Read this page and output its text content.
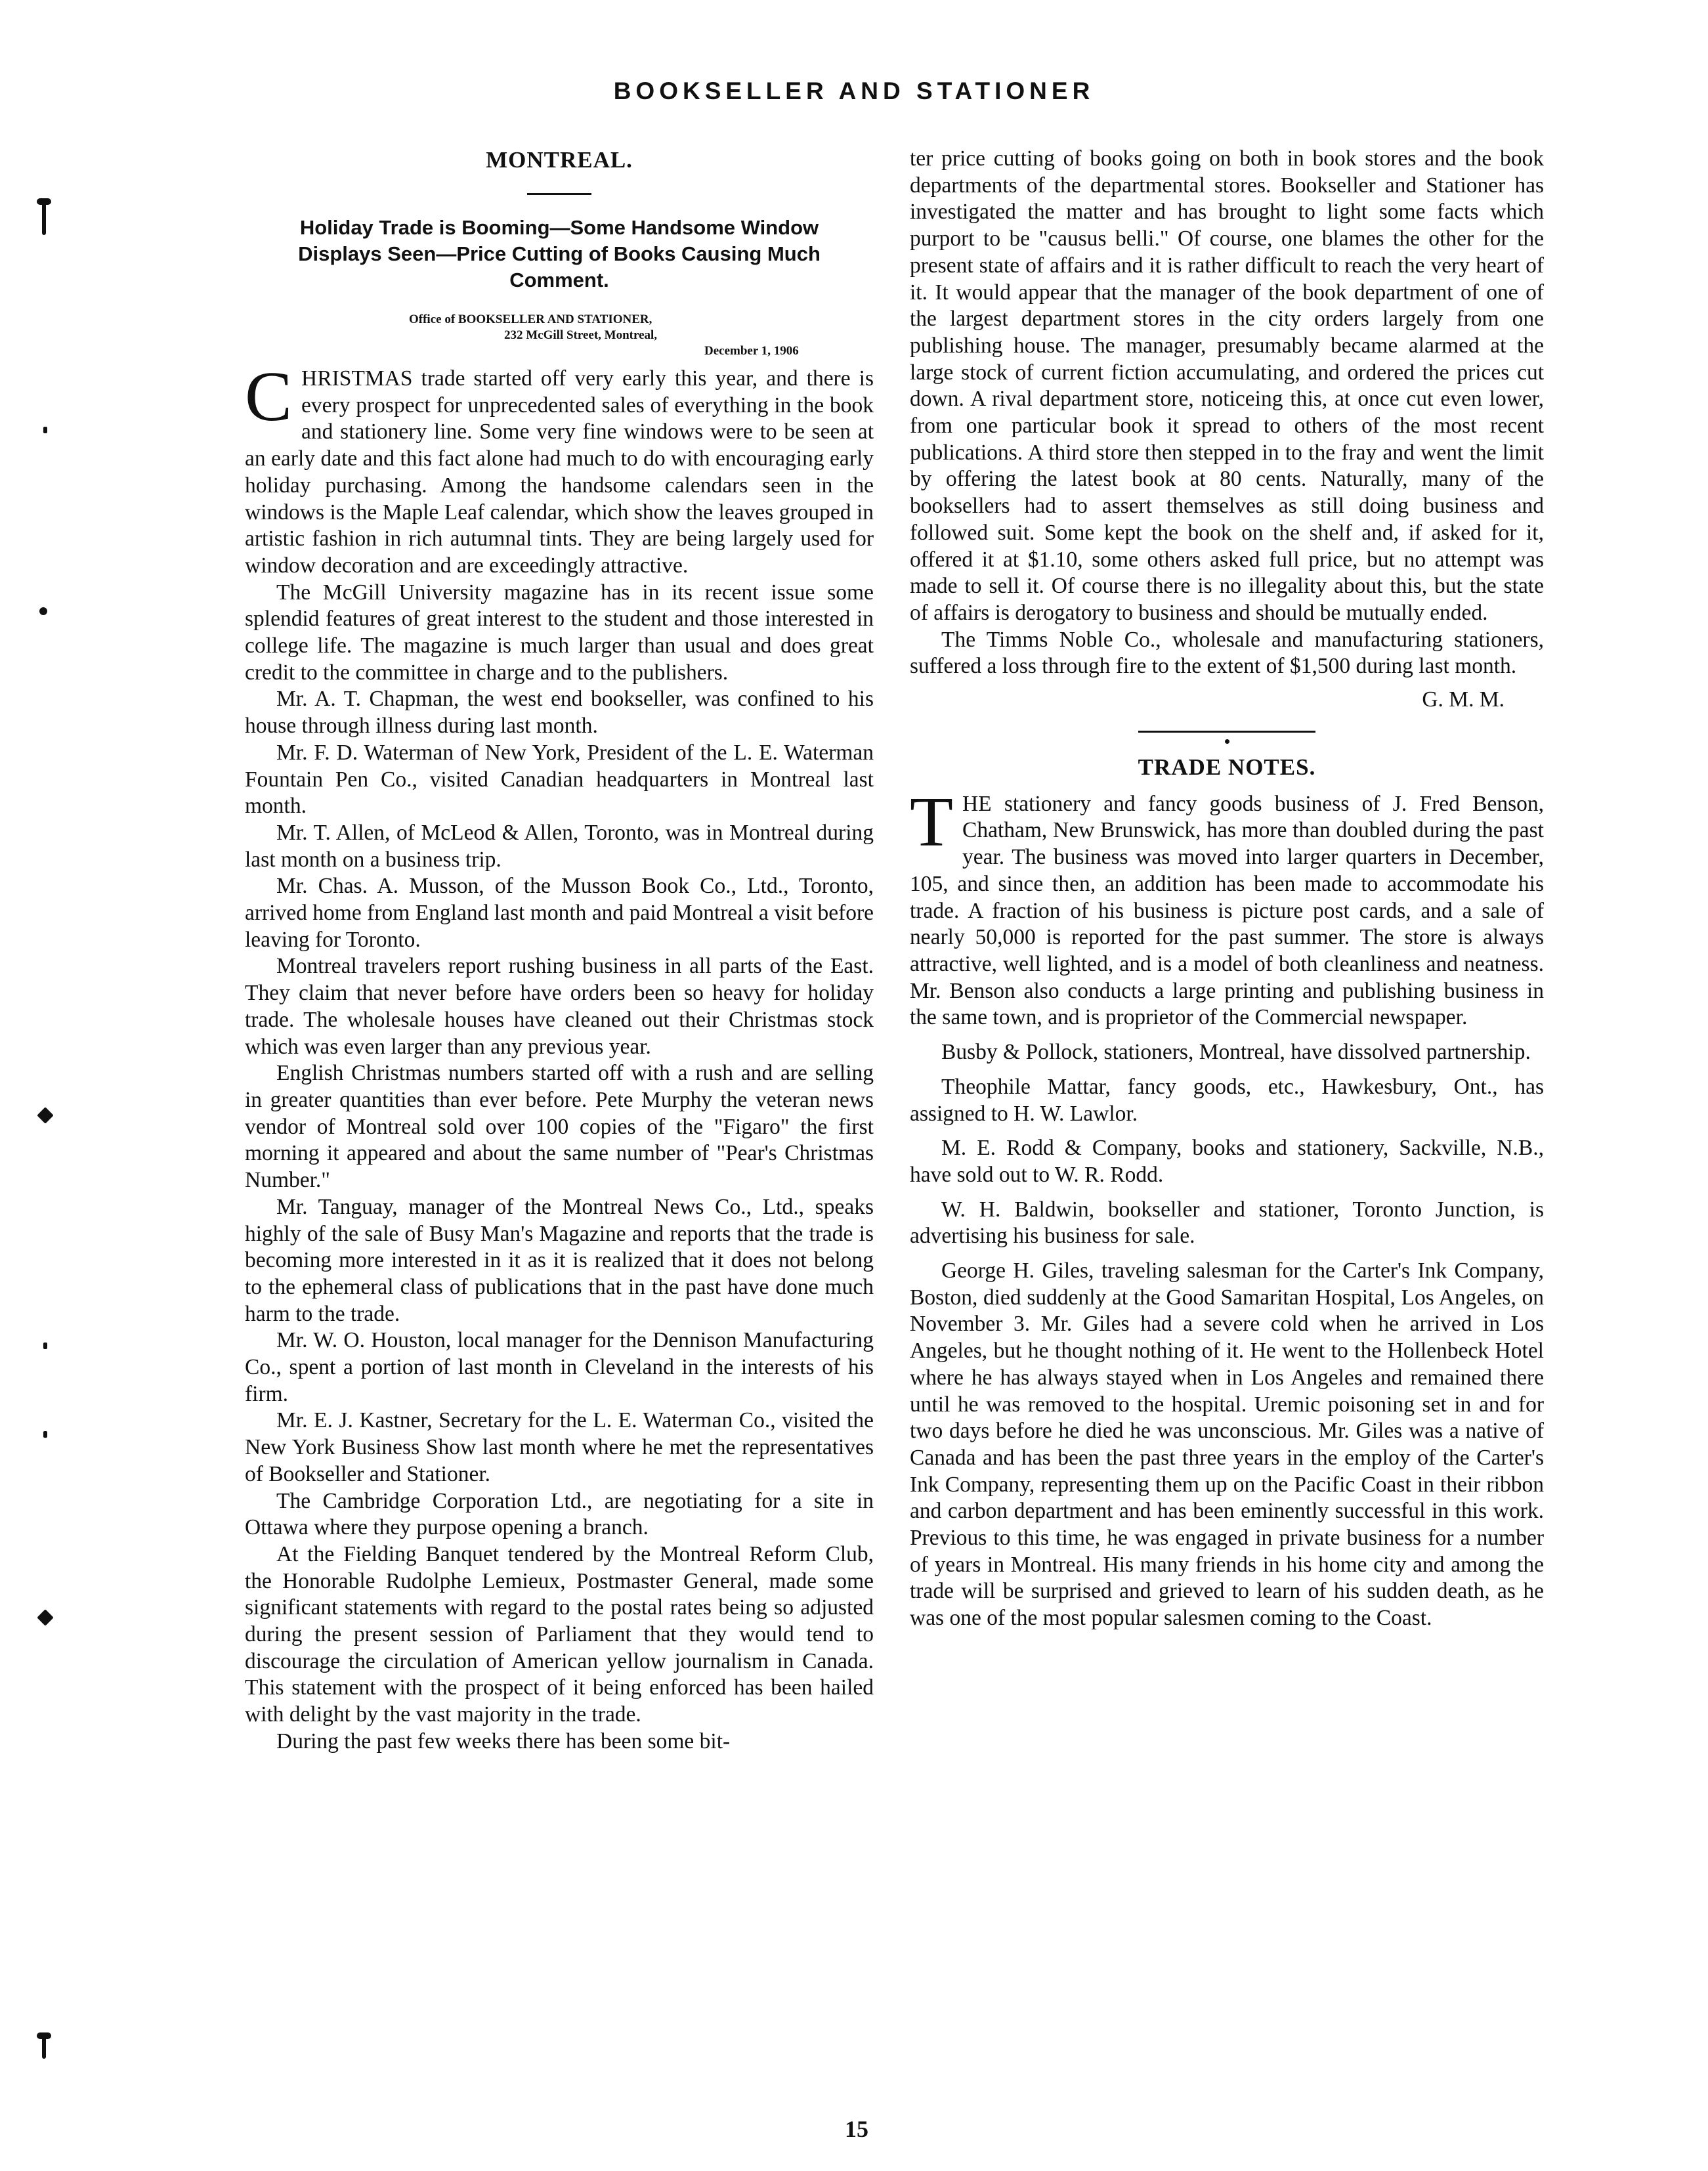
BOOKSELLER AND STATIONER
MONTREAL.
Holiday Trade is Booming—Some Handsome Window Displays Seen—Price Cutting of Books Causing Much Comment.
Office of BOOKSELLER AND STATIONER,
232 McGill Street, Montreal,
December 1, 1906

CHRISTMAS trade started off very early this year, and there is every prospect for unprecedented sales of everything in the book and stationery line. Some very fine windows were to be seen at an early date and this fact alone had much to do with encouraging early holiday purchasing. Among the handsome calendars seen in the windows is the Maple Leaf calendar, which show the leaves grouped in artistic fashion in rich autumnal tints. They are being largely used for window decoration and are exceedingly attractive.

The McGill University magazine has in its recent issue some splendid features of great interest to the student and those interested in college life. The magazine is much larger than usual and does great credit to the committee in charge and to the publishers.

Mr. A. T. Chapman, the west end bookseller, was confined to his house through illness during last month.

Mr. F. D. Waterman of New York, President of the L. E. Waterman Fountain Pen Co., visited Canadian headquarters in Montreal last month.

Mr. T. Allen, of McLeod & Allen, Toronto, was in Montreal during last month on a business trip.

Mr. Chas. A. Musson, of the Musson Book Co., Ltd., Toronto, arrived home from England last month and paid Montreal a visit before leaving for Toronto.

Montreal travelers report rushing business in all parts of the East. They claim that never before have orders been so heavy for holiday trade. The wholesale houses have cleaned out their Christmas stock which was even larger than any previous year.

English Christmas numbers started off with a rush and are selling in greater quantities than ever before. Pete Murphy the veteran news vendor of Montreal sold over 100 copies of the "Figaro" the first morning it appeared and about the same number of "Pear's Christmas Number."

Mr. Tanguay, manager of the Montreal News Co., Ltd., speaks highly of the sale of Busy Man's Magazine and reports that the trade is becoming more interested in it as it is realized that it does not belong to the ephemeral class of publications that in the past have done much harm to the trade.

Mr. W. O. Houston, local manager for the Dennison Manufacturing Co., spent a portion of last month in Cleveland in the interests of his firm.

Mr. E. J. Kastner, Secretary for the L. E. Waterman Co., visited the New York Business Show last month where he met the representatives of Bookseller and Stationer.

The Cambridge Corporation Ltd., are negotiating for a site in Ottawa where they purpose opening a branch.

At the Fielding Banquet tendered by the Montreal Reform Club, the Honorable Rudolphe Lemieux, Postmaster General, made some significant statements with regard to the postal rates being so adjusted during the present session of Parliament that they would tend to discourage the circulation of American yellow journalism in Canada. This statement with the prospect of it being enforced has been hailed with delight by the vast majority in the trade.

During the past few weeks there has been some bit-

ter price cutting of books going on both in book stores and the book departments of the departmental stores. Bookseller and Stationer has investigated the matter and has brought to light some facts which purport to be "causus belli." Of course, one blames the other for the present state of affairs and it is rather difficult to reach the very heart of it. It would appear that the manager of the book department of one of the largest department stores in the city orders largely from one publishing house. The manager, presumably became alarmed at the large stock of current fiction accumulating, and ordered the prices cut down. A rival department store, noticeing this, at once cut even lower, from one particular book it spread to others of the most recent publications. A third store then stepped in to the fray and went the limit by offering the latest book at 80 cents. Naturally, many of the booksellers had to assert themselves as still doing business and followed suit. Some kept the book on the shelf and, if asked for it, offered it at $1.10, some others asked full price, but no attempt was made to sell it. Of course there is no illegality about this, but the state of affairs is derogatory to business and should be mutually ended.

The Timms Noble Co., wholesale and manufacturing stationers, suffered a loss through fire to the extent of $1,500 during last month.

G. M. M.
TRADE NOTES.

THE stationery and fancy goods business of J. Fred Benson, Chatham, New Brunswick, has more than doubled during the past year. The business was moved into larger quarters in December, 105, and since then, an addition has been made to accommodate his trade. A fraction of his business is picture post cards, and a sale of nearly 50,000 is reported for the past summer. The store is always attractive, well lighted, and is a model of both cleanliness and neatness. Mr. Benson also conducts a large printing and publishing business in the same town, and is proprietor of the Commercial newspaper.

Busby & Pollock, stationers, Montreal, have dissolved partnership.

Theophile Mattar, fancy goods, etc., Hawkesbury, Ont., has assigned to H. W. Lawlor.

M. E. Rodd & Company, books and stationery, Sackville, N.B., have sold out to W. R. Rodd.

W. H. Baldwin, bookseller and stationer, Toronto Junction, is advertising his business for sale.

George H. Giles, traveling salesman for the Carter's Ink Company, Boston, died suddenly at the Good Samaritan Hospital, Los Angeles, on November 3. Mr. Giles had a severe cold when he arrived in Los Angeles, but he thought nothing of it. He went to the Hollenbeck Hotel where he has always stayed when in Los Angeles and remained there until he was removed to the hospital. Uremic poisoning set in and for two days before he died he was unconscious. Mr. Giles was a native of Canada and has been the past three years in the employ of the Carter's Ink Company, representing them up on the Pacific Coast in their ribbon and carbon department and has been eminently successful in this work. Previous to this time, he was engaged in private business for a number of years in Montreal. His many friends in his home city and among the trade will be surprised and grieved to learn of his sudden death, as he was one of the most popular salesmen coming to the Coast.

15
